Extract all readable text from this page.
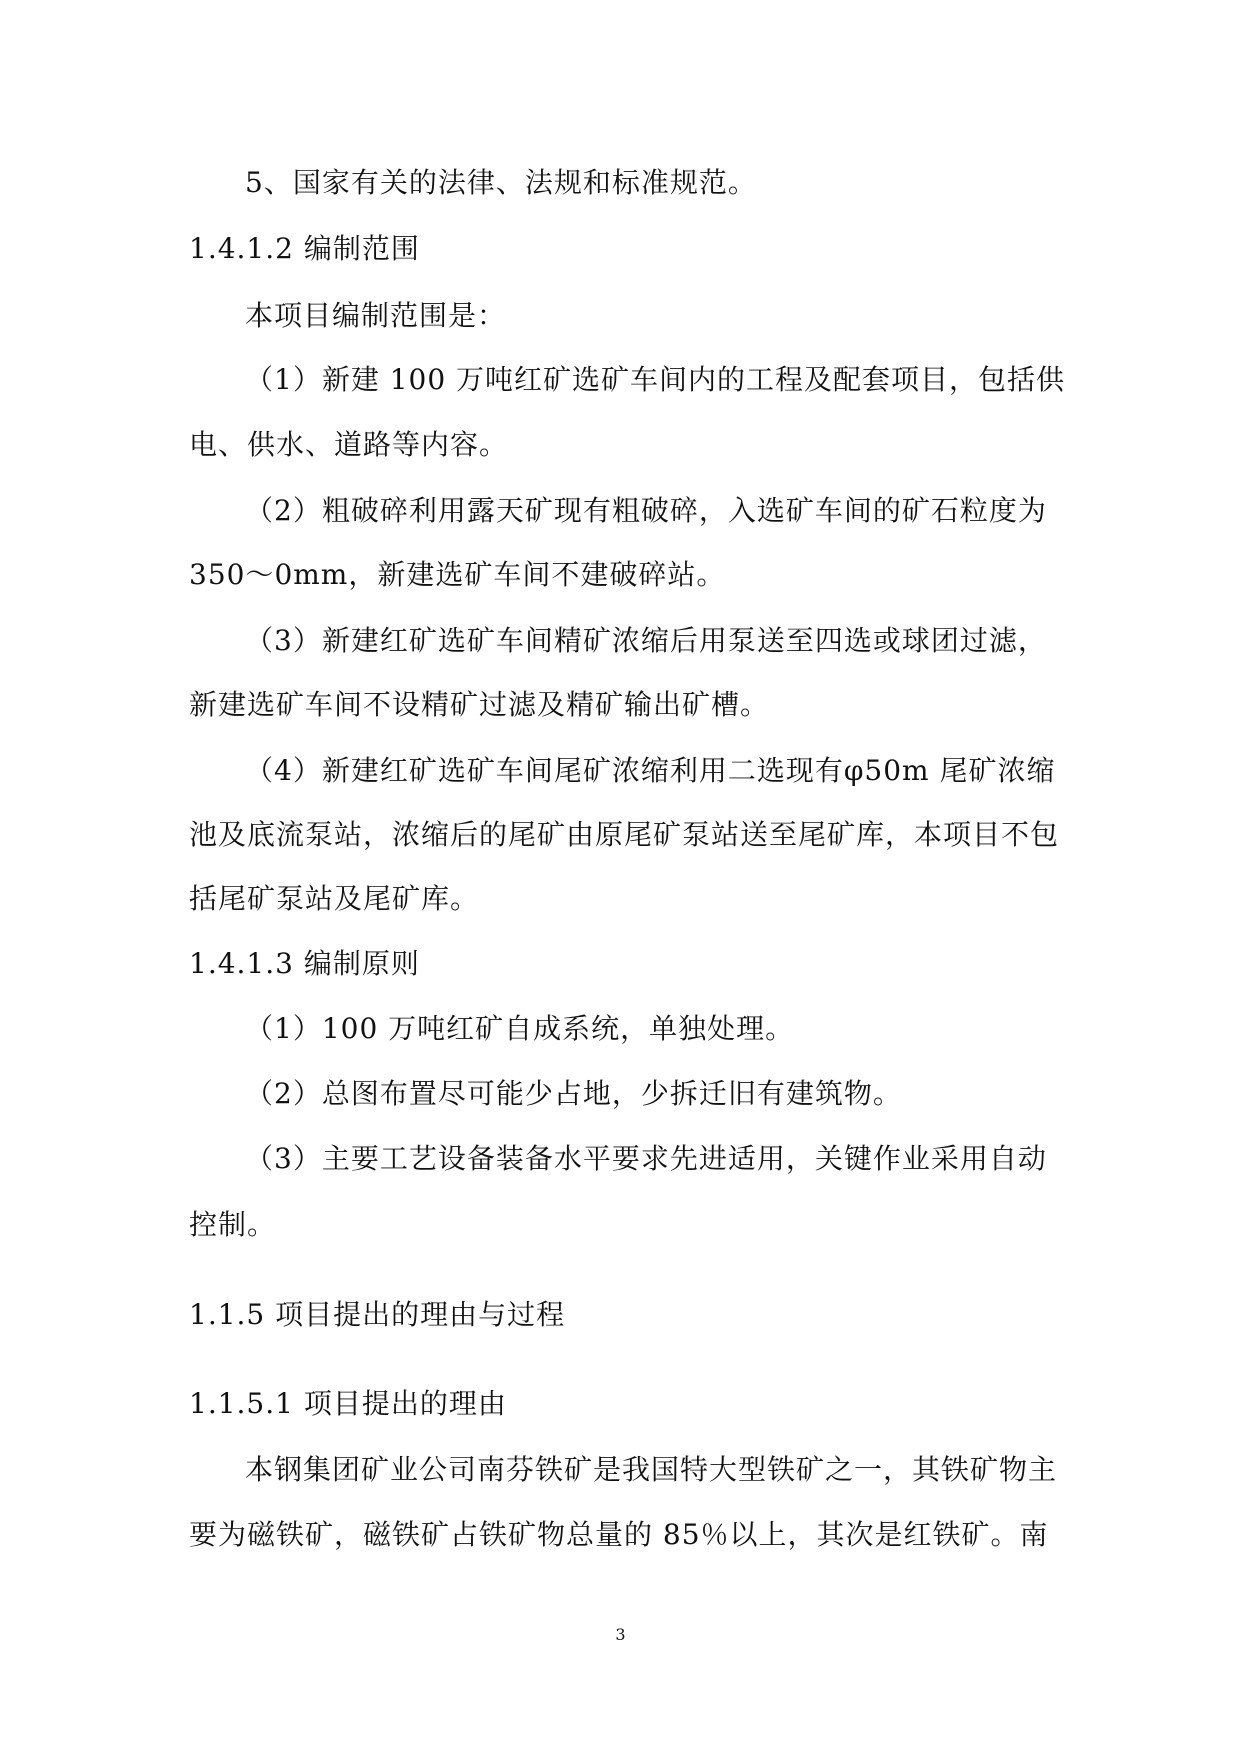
5、国家有关的法律、法规和标准规范。
1.4.1.2 编制范围
本项目编制范围是：
（1）新建 100 万吨红矿选矿车间内的工程及配套项目，包括供
电、供水、道路等内容。
（2）粗破碎利用露天矿现有粗破碎，入选矿车间的矿石粒度为
350～0mm，新建选矿车间不建破碎站。
（3）新建红矿选矿车间精矿浓缩后用泵送至四选或球团过滤，
新建选矿车间不设精矿过滤及精矿输出矿槽。
（4）新建红矿选矿车间尾矿浓缩利用二选现有φ50m 尾矿浓缩
池及底流泵站，浓缩后的尾矿由原尾矿泵站送至尾矿库，本项目不包
括尾矿泵站及尾矿库。
1.4.1.3 编制原则
（1）100 万吨红矿自成系统，单独处理。
（2）总图布置尽可能少占地，少拆迁旧有建筑物。
（3）主要工艺设备装备水平要求先进适用，关键作业采用自动
控制。
1.1.5 项目提出的理由与过程
1.1.5.1 项目提出的理由
本钢集团矿业公司南芬铁矿是我国特大型铁矿之一，其铁矿物主
要为磁铁矿，磁铁矿占铁矿物总量的 85％以上，其次是红铁矿。南
3
